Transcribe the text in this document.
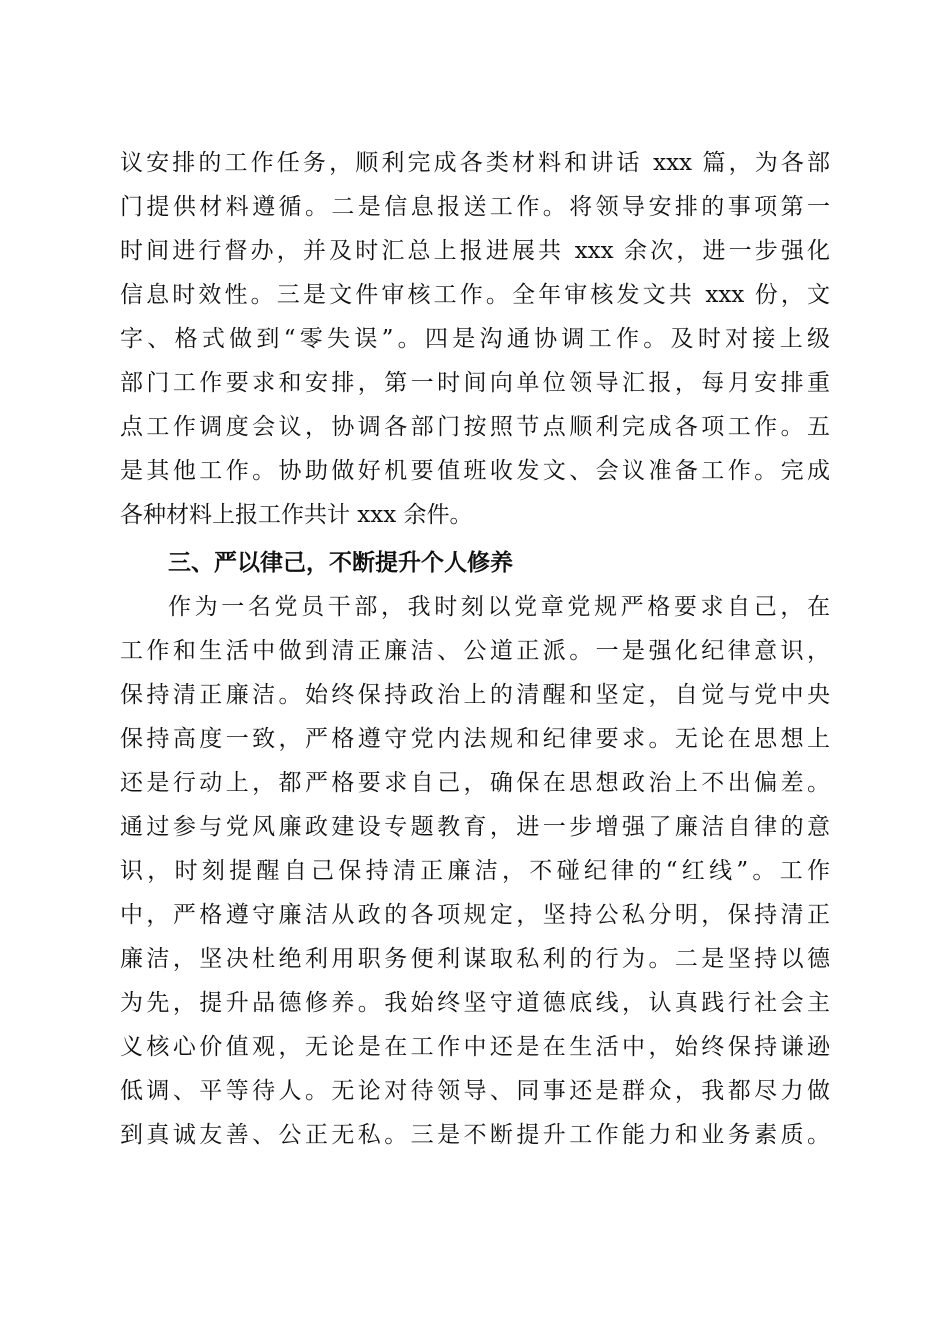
议安排的工作任务，顺利完成各类材料和讲话 xxx 篇，为各部
门提供材料遵循。二是信息报送工作。将领导安排的事项第一
时间进行督办，并及时汇总上报进展共 xxx 余次，进一步强化
信息时效性。三是文件审核工作。全年审核发文共 xxx 份，文
字、格式做到“零失误”。四是沟通协调工作。及时对接上级
部门工作要求和安排，第一时间向单位领导汇报，每月安排重
点工作调度会议，协调各部门按照节点顺利完成各项工作。五
是其他工作。协助做好机要值班收发文、会议准备工作。完成
各种材料上报工作共计 xxx 余件。
三、严以律己，不断提升个人修养
作为一名党员干部，我时刻以党章党规严格要求自己，在
工作和生活中做到清正廉洁、公道正派。一是强化纪律意识，
保持清正廉洁。始终保持政治上的清醒和坚定，自觉与党中央
保持高度一致，严格遵守党内法规和纪律要求。无论在思想上
还是行动上，都严格要求自己，确保在思想政治上不出偏差。
通过参与党风廉政建设专题教育，进一步增强了廉洁自律的意
识，时刻提醒自己保持清正廉洁，不碰纪律的“红线”。工作
中，严格遵守廉洁从政的各项规定，坚持公私分明，保持清正
廉洁，坚决杜绝利用职务便利谋取私利的行为。二是坚持以德
为先，提升品德修养。我始终坚守道德底线，认真践行社会主
义核心价值观，无论是在工作中还是在生活中，始终保持谦逊
低调、平等待人。无论对待领导、同事还是群众，我都尽力做
到真诚友善、公正无私。三是不断提升工作能力和业务素质。
